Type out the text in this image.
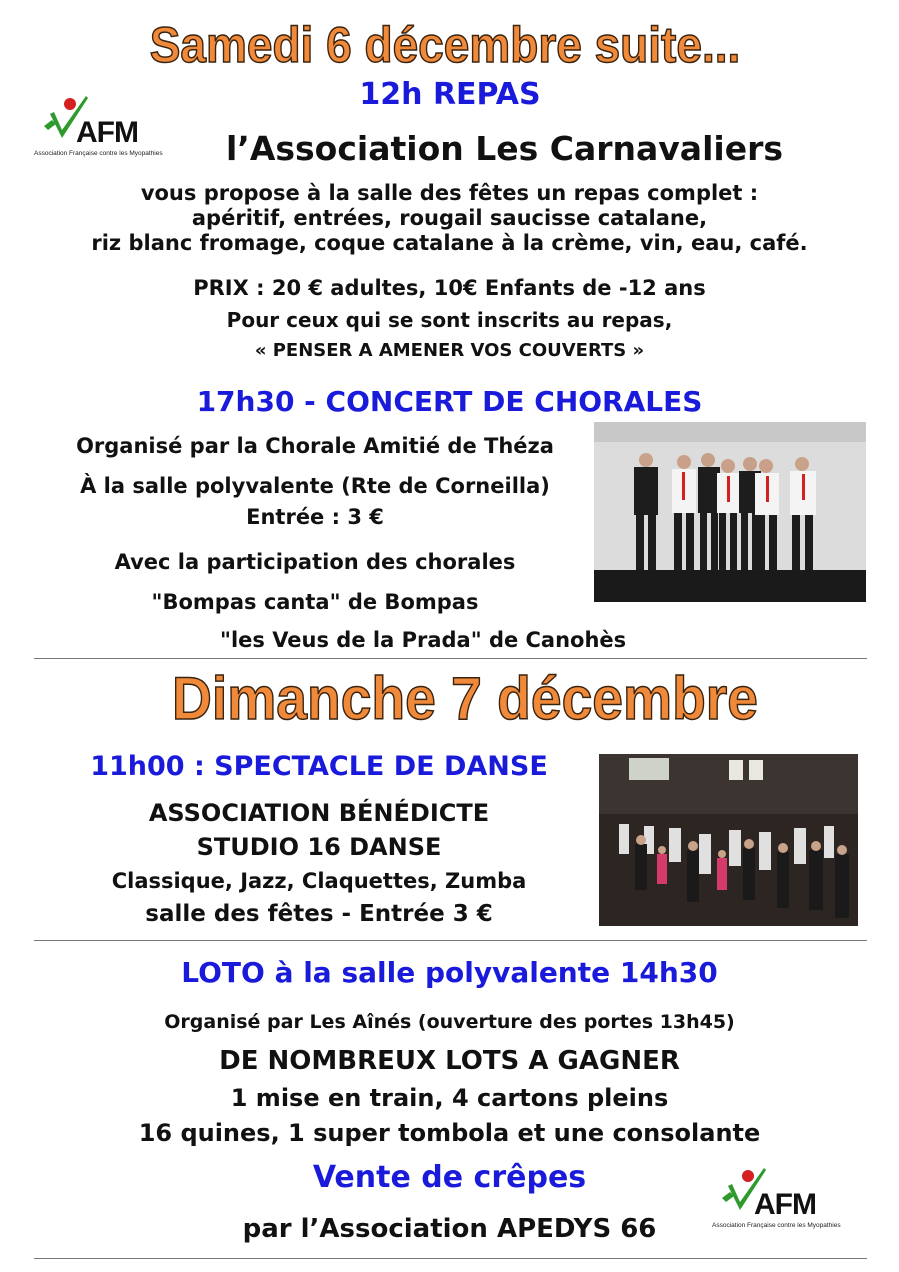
Samedi 6 décembre suite...
12h REPAS
AFM
Association Française contre les Myopathies l’Association Les Carnavaliers
vous propose à la salle des fêtes un repas complet :
apéritif, entrées, rougail saucisse catalane,
riz blanc fromage, coque catalane à la crème, vin, eau, café.
PRIX : 20 € adultes, 10€ Enfants de -12 ans
Pour ceux qui se sont inscrits au repas,
« PENSER A AMENER VOS COUVERTS »
17h30 - CONCERT DE CHORALES
Organisé par la Chorale Amitié de Théza
À la salle polyvalente (Rte de Corneilla)
Entrée : 3 €
Avec la participation des chorales
"Bompas canta" de Bompas
"les Veus de la Prada" de Canohès
Dimanche 7 décembre
11h00 : SPECTACLE DE DANSE
ASSOCIATION BÉNÉDICTE
STUDIO 16 DANSE
Classique, Jazz, Claquettes, Zumba
salle des fêtes - Entrée 3 €
LOTO à la salle polyvalente 14h30
Organisé par Les Aînés (ouverture des portes 13h45)
DE NOMBREUX LOTS A GAGNER
1 mise en train, 4 cartons pleins
16 quines, 1 super tombola et une consolante
Vente de crêpes
par l’Association APEDYS 66
AFM
Association Française contre les Myopathies
